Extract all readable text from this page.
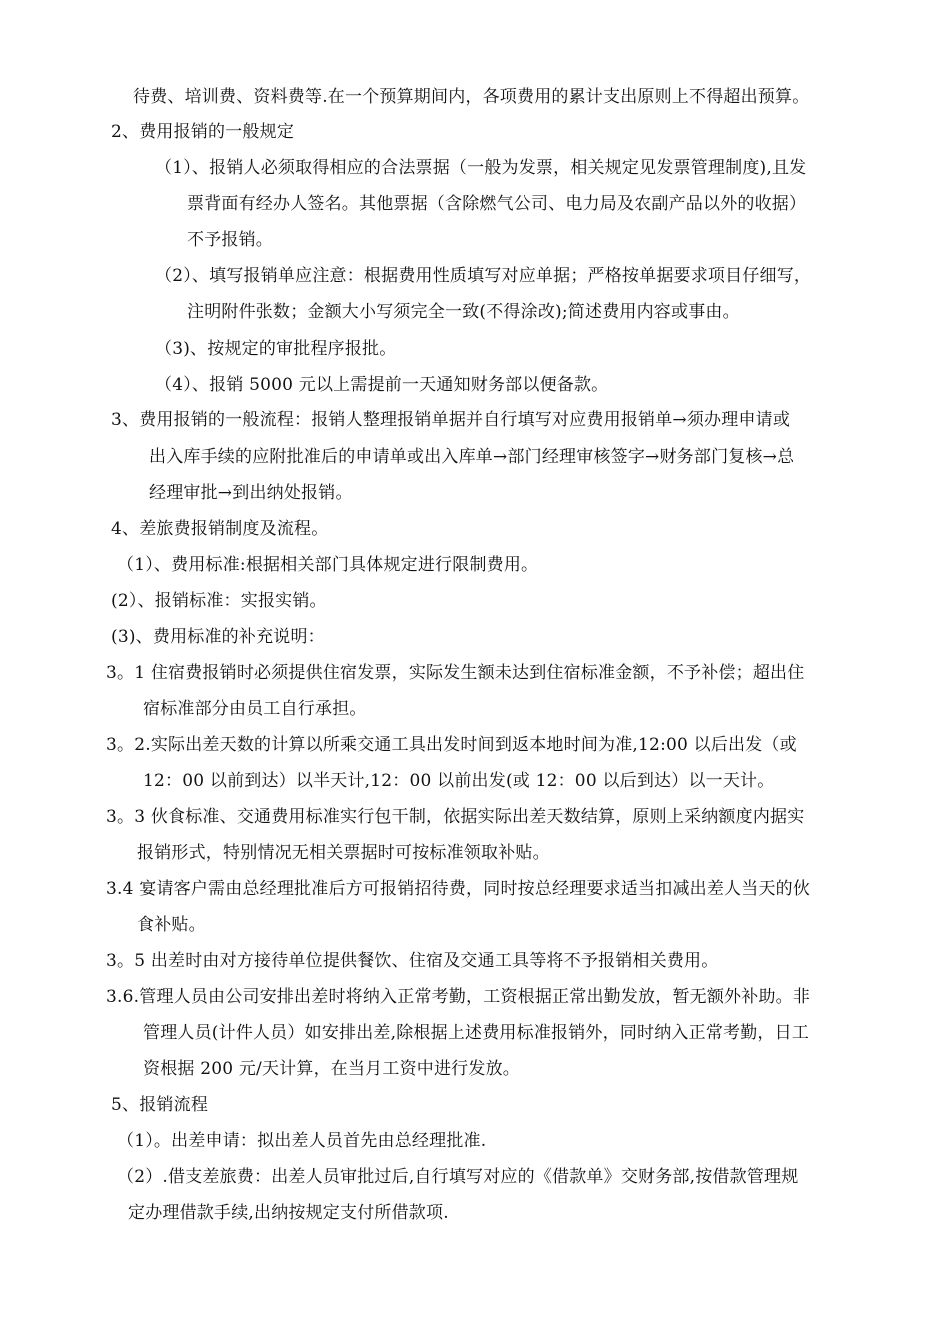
待费、培训费、资料费等.在一个预算期间内，各项费用的累计支出原则上不得超出预算。
2、费用报销的一般规定
（1）、报销人必须取得相应的合法票据（一般为发票，相关规定见发票管理制度),且发
票背面有经办人签名。其他票据（含除燃气公司、电力局及农副产品以外的收据）
不予报销。
（2）、填写报销单应注意：根据费用性质填写对应单据；严格按单据要求项目仔细写，
注明附件张数；金额大小写须完全一致(不得涂改);简述费用内容或事由。
（3)、按规定的审批程序报批。
（4）、报销 5000 元以上需提前一天通知财务部以便备款。
3、费用报销的一般流程：报销人整理报销单据并自行填写对应费用报销单→须办理申请或
出入库手续的应附批准后的申请单或出入库单→部门经理审核签字→财务部门复核→总
经理审批→到出纳处报销。
4、差旅费报销制度及流程。
（1）、费用标准:根据相关部门具体规定进行限制费用。
(2）、报销标准：实报实销。
(3)、费用标准的补充说明：
3。1 住宿费报销时必须提供住宿发票，实际发生额未达到住宿标准金额，不予补偿；超出住
宿标准部分由员工自行承担。
3。2.实际出差天数的计算以所乘交通工具出发时间到返本地时间为准,12:00 以后出发（或
12：00 以前到达）以半天计,12：00 以前出发(或 12：00 以后到达）以一天计。
3。3 伙食标准、交通费用标准实行包干制，依据实际出差天数结算，原则上采纳额度内据实
报销形式，特别情况无相关票据时可按标准领取补贴。
3.4 宴请客户需由总经理批准后方可报销招待费，同时按总经理要求适当扣减出差人当天的伙
食补贴。
3。5 出差时由对方接待单位提供餐饮、住宿及交通工具等将不予报销相关费用。
3.6.管理人员由公司安排出差时将纳入正常考勤，工资根据正常出勤发放，暂无额外补助。非
管理人员(计件人员）如安排出差,除根据上述费用标准报销外，同时纳入正常考勤，日工
资根据 200 元/天计算，在当月工资中进行发放。
5、报销流程
（1）。出差申请：拟出差人员首先由总经理批准.
（2）.借支差旅费：出差人员审批过后,自行填写对应的《借款单》交财务部,按借款管理规
定办理借款手续,出纳按规定支付所借款项.
